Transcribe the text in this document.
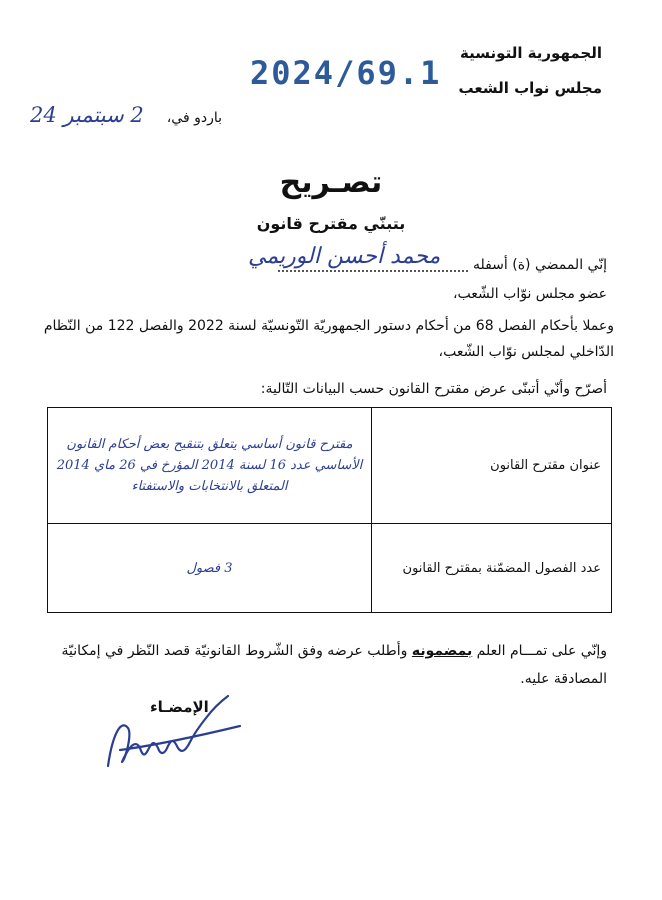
الجمهورية التونسية
مجلس نواب الشعب
2024/69.1
باردو في،
2 سبتمبر 24
تصـريح
بتبنّي مقترح قانون
إنّي الممضي (ة) أسفله
محمد أحسن الوريمي
عضو مجلس نوّاب الشّعب،
وعملا بأحكام الفصل 68 من أحكام دستور الجمهوريّة التّونسيّة لسنة 2022 والفصل 122 من النّظام الدّاخلي لمجلس نوّاب الشّعب،
أصرّح وأنّي أتبنّى عرض مقترح القانون حسب البيانات التّالية:
عنوان مقترح القانون	مقترح قانون أساسي يتعلق بتنقيح بعض أحكام القانون الأساسي عدد 16 لسنة 2014 المؤرخ في 26 ماي 2014 المتعلق بالانتخابات والاستفتاء
عدد الفصول المضمّنة بمقترح القانون	3 فصول
وإنّي على تمـــام العلم بمضمونه وأطلب عرضه وفق الشّروط القانونيّة قصد النّظر في إمكانيّة المصادقة عليه.
الإمضـاء
